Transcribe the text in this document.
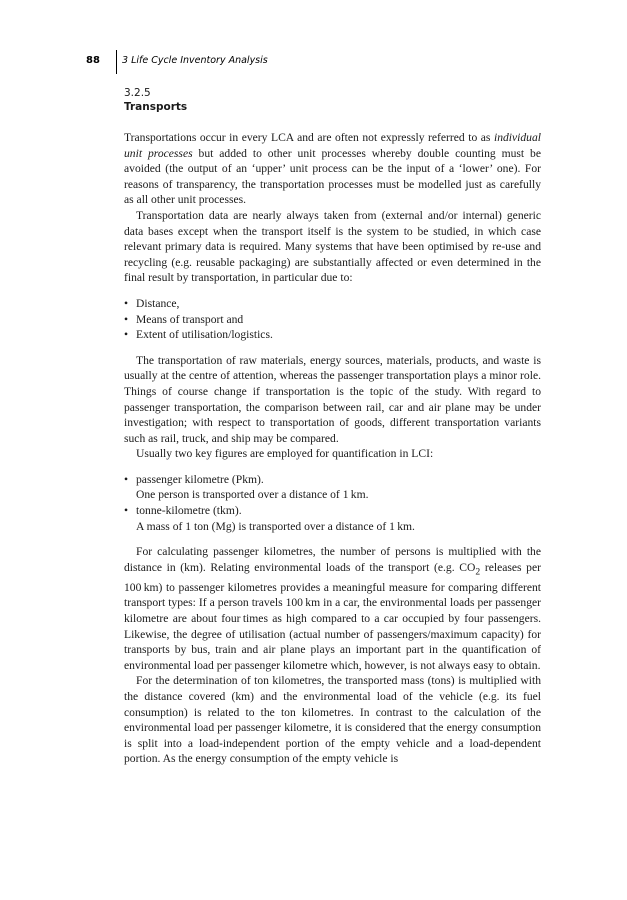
88 3 Life Cycle Inventory Analysis
3.2.5
Transports

Transportations occur in every LCA and are often not expressly referred to as individual unit processes but added to other unit processes whereby double counting must be avoided (the output of an ‘upper’ unit process can be the input of a ‘lower’ one). For reasons of transparency, the transportation processes must be modelled just as carefully as all other unit processes.

Transportation data are nearly always taken from (external and/or internal) generic data bases except when the transport itself is the system to be studied, in which case relevant primary data is required. Many systems that have been optimised by re-use and recycling (e.g. reusable packaging) are substantially affected or even determined in the final result by transportation, in particular due to:

• Distance,
• Means of transport and
• Extent of utilisation/logistics.

The transportation of raw materials, energy sources, materials, products, and waste is usually at the centre of attention, whereas the passenger transportation plays a minor role. Things of course change if transportation is the topic of the study. With regard to passenger transportation, the comparison between rail, car and air plane may be under investigation; with respect to transportation of goods, different transportation variants such as rail, truck, and ship may be compared.

Usually two key figures are employed for quantification in LCI:

• passenger kilometre (Pkm).
One person is transported over a distance of 1 km.
• tonne-kilometre (tkm).
A mass of 1 ton (Mg) is transported over a distance of 1 km.

For calculating passenger kilometres, the number of persons is multiplied with the distance in (km). Relating environmental loads of the transport (e.g. $CO_2$ releases per 100 km) to passenger kilometres provides a meaningful measure for comparing different transport types: If a person travels 100 km in a car, the environmental loads per passenger kilometre are about four times as high compared to a car occupied by four passengers. Likewise, the degree of utilisation (actual number of passengers/maximum capacity) for transports by bus, train and air plane plays an important part in the quantification of environmental load per passenger kilometre which, however, is not always easy to obtain.

For the determination of ton kilometres, the transported mass (tons) is multiplied with the distance covered (km) and the environmental load of the vehicle (e.g. its fuel consumption) is related to the ton kilometres. In contrast to the calculation of the environmental load per passenger kilometre, it is considered that the energy consumption is split into a load-independent portion of the empty vehicle and a load-dependent portion. As the energy consumption of the empty vehicle is
